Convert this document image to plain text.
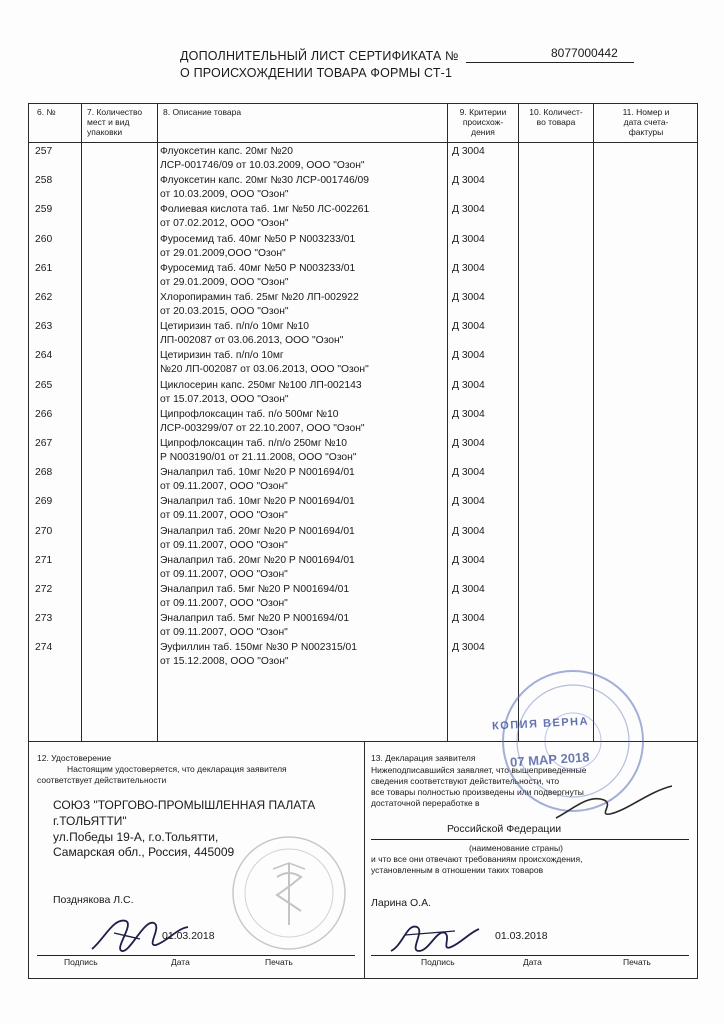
ДОПОЛНИТЕЛЬНЫЙ ЛИСТ СЕРТИФИКАТА №	8077000442
О ПРОИСХОЖДЕНИИ ТОВАРА ФОРМЫ СТ-1
6. №	7. Количество
мест и вид
упаковки
8. Описание товара	9. Критерии
происхож-
дения
10. Количест-
во товара
11. Номер и
дата счета-
фактуры
257	Флуоксетин капс. 20мг №20
ЛСР-001746/09 от 10.03.2009, ООО "Озон"
Д 3004
258	Флуоксетин капс. 20мг №30 ЛСР-001746/09
от 10.03.2009, ООО "Озон"
Д 3004
259	Фолиевая кислота таб. 1мг №50 ЛС-002261
от 07.02.2012, ООО "Озон"
Д 3004
260	Фуросемид таб. 40мг №50 Р N003233/01
от 29.01.2009,ООО "Озон"
Д 3004
261	Фуросемид таб. 40мг №50 Р N003233/01
от 29.01.2009, ООО "Озон"
Д 3004
262	Хлоропирамин таб. 25мг №20 ЛП-002922
от 20.03.2015, ООО "Озон"
Д 3004
263	Цетиризин таб. п/п/о 10мг №10
ЛП-002087 от 03.06.2013, ООО "Озон"
Д 3004
264	Цетиризин таб. п/п/о 10мг
№20 ЛП-002087 от 03.06.2013, ООО "Озон"
Д 3004
265	Циклосерин капс. 250мг №100 ЛП-002143
от 15.07.2013, ООО "Озон"
Д 3004
266	Ципрофлоксацин таб. п/о 500мг №10
ЛСР-003299/07 от 22.10.2007, ООО "Озон"
Д 3004
267	Ципрофлоксацин таб. п/п/о 250мг №10
Р N003190/01 от 21.11.2008, ООО "Озон"
Д 3004
268	Эналаприл таб. 10мг №20 Р N001694/01
от 09.11.2007, ООО "Озон"
Д 3004
269	Эналаприл таб. 10мг №20 Р N001694/01
от 09.11.2007, ООО "Озон"
Д 3004
270	Эналаприл таб. 20мг №20 Р N001694/01
от 09.11.2007, ООО "Озон"
Д 3004
271	Эналаприл таб. 20мг №20 Р N001694/01
от 09.11.2007, ООО "Озон"
Д 3004
272	Эналаприл таб. 5мг №20 Р N001694/01
от 09.11.2007, ООО "Озон"
Д 3004
273	Эналаприл таб. 5мг №20 Р N001694/01
от 09.11.2007, ООО "Озон"
Д 3004
274	Эуфиллин таб. 150мг №30 Р N002315/01
от 15.12.2008, ООО "Озон"
Д 3004
12. Удостоверение
Настоящим удостоверяется, что декларация заявителя
соответствует действительности
СОЮЗ "ТОРГОВО-ПРОМЫШЛЕННАЯ ПАЛАТА
г.ТОЛЬЯТТИ"
ул.Победы 19-А, г.о.Тольятти,
Самарская обл., Россия, 445009
Позднякова Л.С.
01.03.2018
Подпись	Дата	Печать
13. Декларация заявителя
Нижеподписавшийся заявляет, что вышеприведенные
сведения соответствуют действительности, что
все товары полностью произведены или подвергнуты
достаточной переработке в
Российской Федерации
(наименование страны)
и что все они отвечают требованиям происхождения,
установленным в отношении таких товаров
Ларина О.А.
01.03.2018
Подпись	Дата	Печать
КОПИЯ ВЕРНА
07 МАР 2018
